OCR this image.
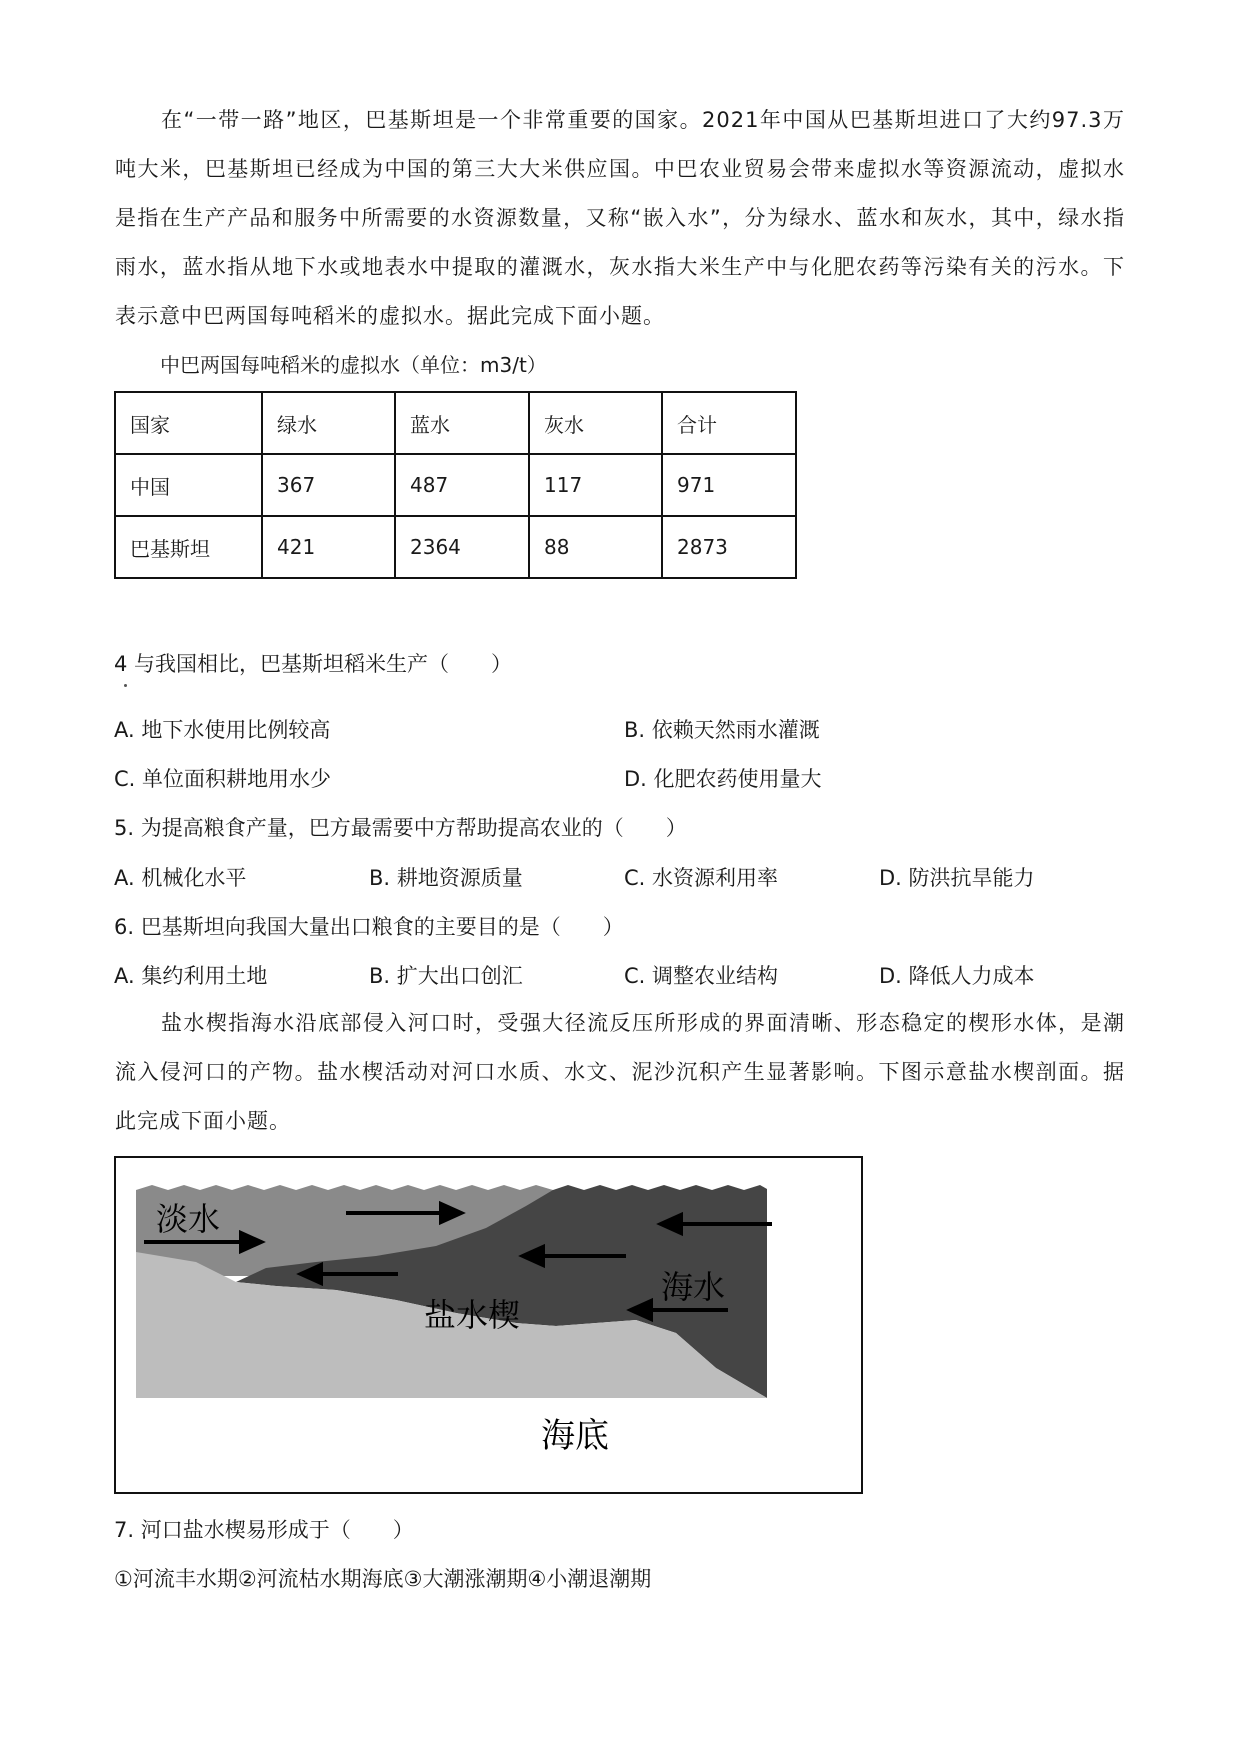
在“一带一路”地区，巴基斯坦是一个非常重要的国家。2021年中国从巴基斯坦进口了大约97.3万吨大米，巴基斯坦已经成为中国的第三大大米供应国。中巴农业贸易会带来虚拟水等资源流动，虚拟水是指在生产产品和服务中所需要的水资源数量，又称“嵌入水”，分为绿水、蓝水和灰水，其中，绿水指雨水，蓝水指从地下水或地表水中提取的灌溉水，灰水指大米生产中与化肥农药等污染有关的污水。下表示意中巴两国每吨稻米的虚拟水。据此完成下面小题。

中巴两国每吨稻米的虚拟水（单位：m3/t）
国家	绿水	蓝水	灰水	合计
中国	367	487	117	971
巴基斯坦	421	2364	88	2873
4 与我国相比，巴基斯坦稻米生产（　　）
A. 地下水使用比例较高	B. 依赖天然雨水灌溉
C. 单位面积耕地用水少	D. 化肥农药使用量大
5. 为提高粮食产量，巴方最需要中方帮助提高农业的（　　）
A. 机械化水平	B. 耕地资源质量	C. 水资源利用率	D. 防洪抗旱能力
6. 巴基斯坦向我国大量出口粮食的主要目的是（　　）
A. 集约利用土地	B. 扩大出口创汇	C. 调整农业结构	D. 降低人力成本

盐水楔指海水沿底部侵入河口时，受强大径流反压所形成的界面清晰、形态稳定的楔形水体，是潮流入侵河口的产物。盐水楔活动对河口水质、水文、泥沙沉积产生显著影响。下图示意盐水楔剖面。据此完成下面小题。

淡水
海水
盐水楔
海底
7. 河口盐水楔易形成于（　　）
①河流丰水期②河流枯水期海底③大潮涨潮期④小潮退潮期
